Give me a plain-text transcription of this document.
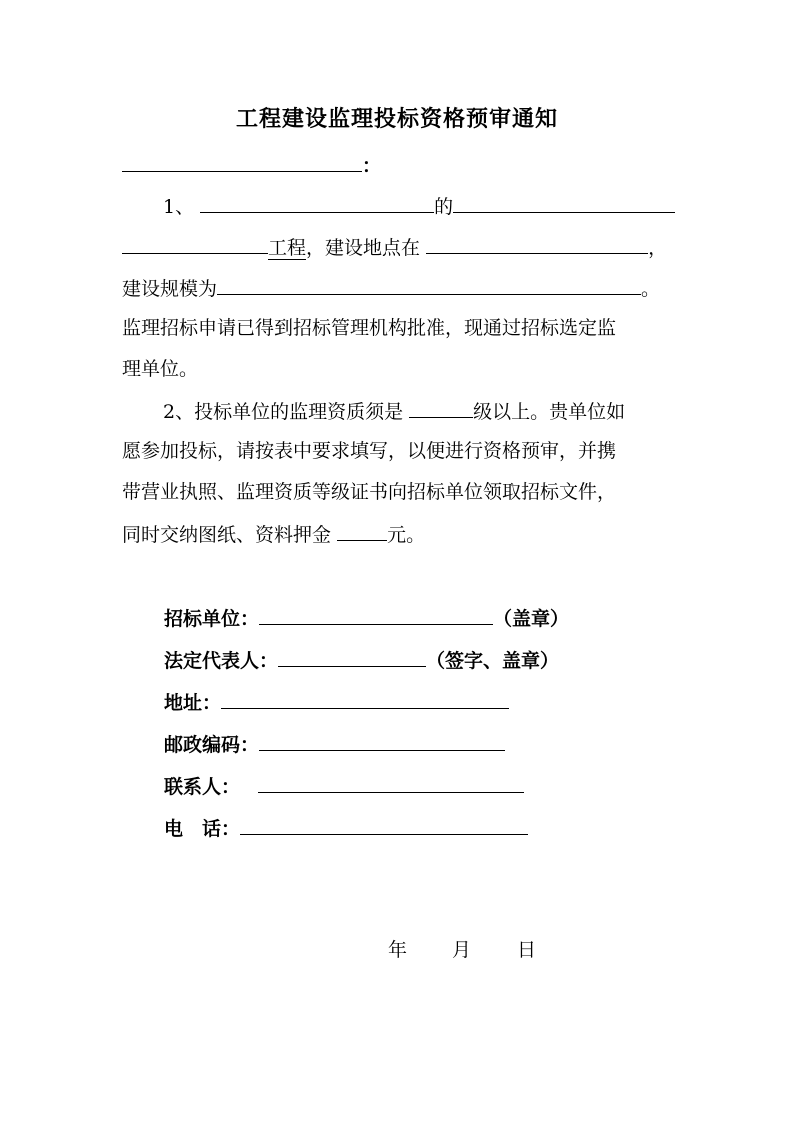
工程建设监理投标资格预审通知
：
1、	的
工程，建设地点在	，
建设规模为	。
监理招标申请已得到招标管理机构批准，现通过招标选定监
理单位。
2、投标单位的监理资质须是	级以上。贵单位如
愿参加投标，请按表中要求填写，以便进行资格预审，并携
带营业执照、监理资质等级证书向招标单位领取招标文件，
同时交纳图纸、资料押金	元。
招标单位：	（盖章）
法定代表人：	（签字、盖章）
地址：
邮政编码：
联系人：
电　话：
年 月 日
